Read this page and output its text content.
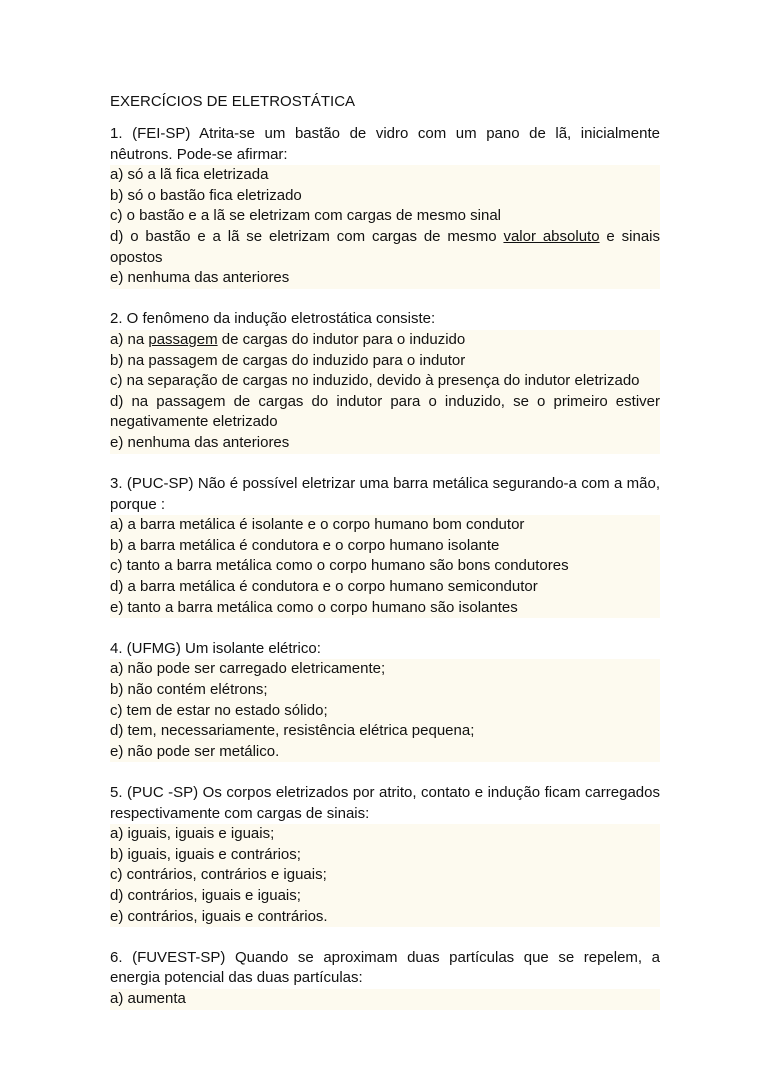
EXERCÍCIOS DE ELETROSTÁTICA
1. (FEI-SP) Atrita-se um bastão de vidro com um pano de lã, inicialmente nêutrons. Pode-se afirmar:
a) só a lã fica eletrizada
b) só o bastão fica eletrizado
c) o bastão e a lã se eletrizam com cargas de mesmo sinal
d) o bastão e a lã se eletrizam com cargas de mesmo valor absoluto e sinais opostos
e) nenhuma das anteriores
2. O fenômeno da indução eletrostática consiste:
a) na passagem de cargas do indutor para o induzido
b) na passagem de cargas do induzido para o indutor
c) na separação de cargas no induzido, devido à presença do indutor eletrizado
d) na passagem de cargas do indutor para o induzido, se o primeiro estiver negativamente eletrizado
e) nenhuma das anteriores
3. (PUC-SP) Não é possível eletrizar uma barra metálica segurando-a com a mão, porque :
a) a barra metálica é isolante e o corpo humano bom condutor
b) a barra metálica é condutora e o corpo humano isolante
c) tanto a barra metálica como o corpo humano são bons condutores
d) a barra metálica é condutora e o corpo humano semicondutor
e) tanto a barra metálica como o corpo humano são isolantes
4. (UFMG) Um isolante elétrico:
a) não pode ser carregado eletricamente;
b) não contém elétrons;
c) tem de estar no estado sólido;
d) tem, necessariamente, resistência elétrica pequena;
e) não pode ser metálico.
5. (PUC -SP) Os corpos eletrizados por atrito, contato e indução ficam carregados respectivamente com cargas de sinais:
a) iguais, iguais e iguais;
b) iguais, iguais e contrários;
c) contrários, contrários e iguais;
d) contrários, iguais e iguais;
e) contrários, iguais e contrários.
6. (FUVEST-SP) Quando se aproximam duas partículas que se repelem, a energia potencial das duas partículas:
a) aumenta
